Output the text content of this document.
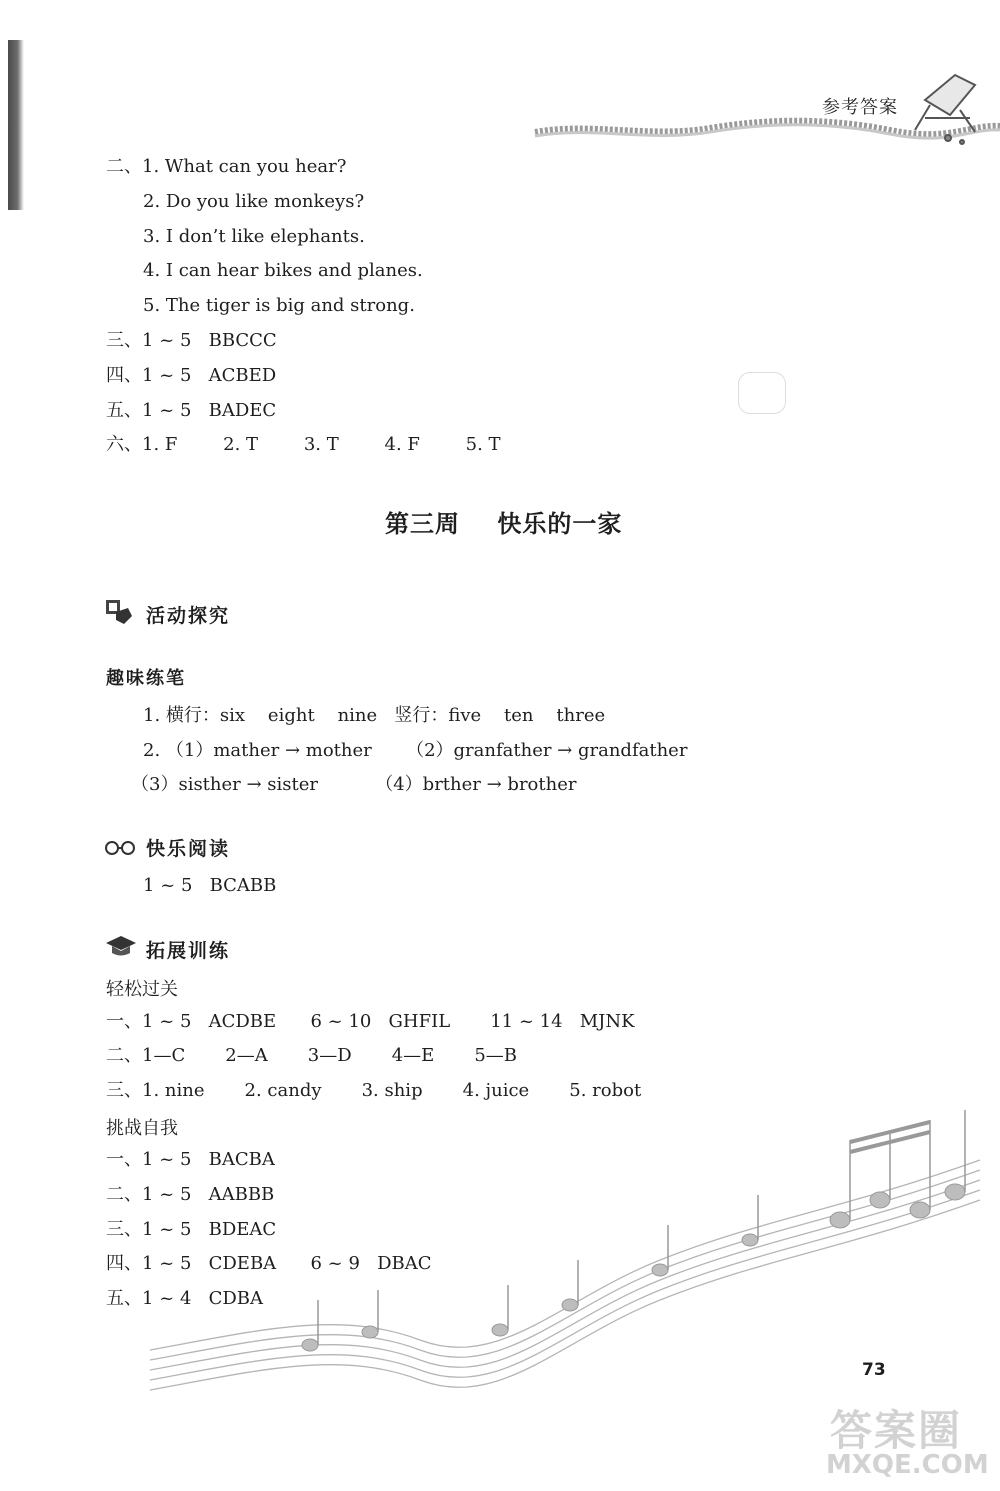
参考答案
二、1. What can you hear?
2. Do you like monkeys?
3. I don’t like elephants.
4. I can hear bikes and planes.
5. The tiger is big and strong.
三、1 ~ 5   BBCCC
四、1 ~ 5   ACBED
五、1 ~ 5   BADEC
六、1. F        2. T        3. T        4. F        5. T
第三周    快乐的一家
活动探究
趣味练笔
1. 横行：six    eight    nine   竖行：five    ten    three
2. （1）mather → mother      （2）granfather → grandfather
（3）sisther → sister          （4）brther → brother
快乐阅读
1 ~ 5   BCABB
拓展训练
轻松过关
一、1 ~ 5   ACDBE      6 ~ 10   GHFIL       11 ~ 14   MJNK
二、1—C       2—A       3—D       4—E       5—B
三、1. nine       2. candy       3. ship       4. juice       5. robot
挑战自我
一、1 ~ 5   BACBA
二、1 ~ 5   AABBB
三、1 ~ 5   BDEAC
四、1 ~ 5   CDEBA      6 ~ 9   DBAC
五、1 ~ 4   CDBA
73
答案圈
MXQE.COM
